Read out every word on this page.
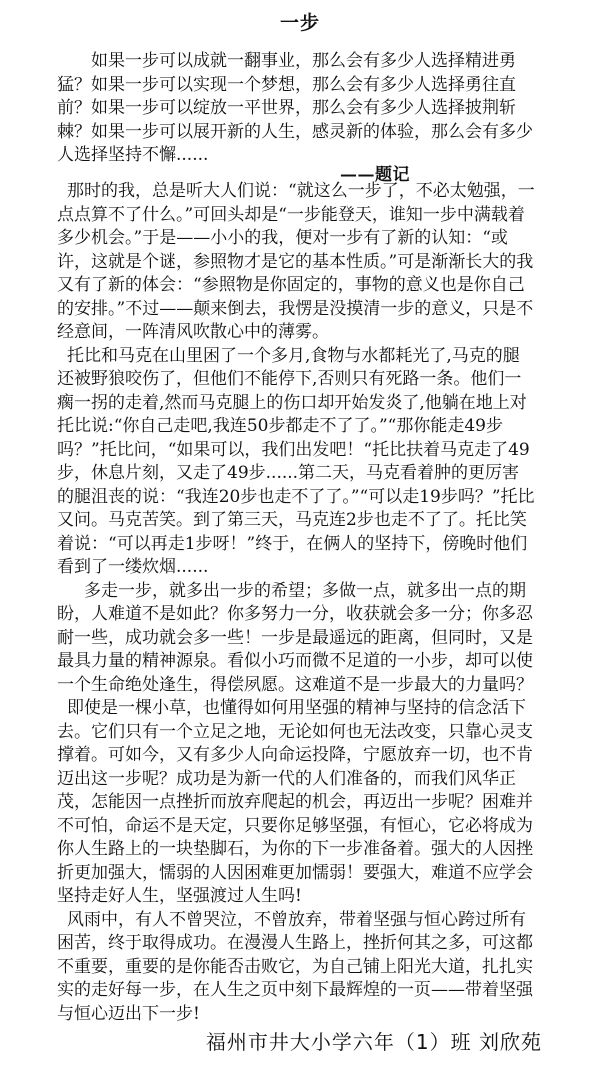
一步

如果一步可以成就一翻事业，那么会有多少人选择精进勇猛？如果一步可以实现一个梦想，那么会有多少人选择勇往直前？如果一步可以绽放一平世界，那么会有多少人选择披荆斩棘？如果一步可以展开新的人生，感灵新的体验，那么会有多少人选择坚持不懈......

——题记

那时的我，总是听大人们说：“就这么一步了，不必太勉强，一点点算不了什么。”可回头却是“一步能登天，谁知一步中满载着多少机会。”于是——小小的我，便对一步有了新的认知：“或许，这就是个谜，参照物才是它的基本性质。”可是渐渐长大的我又有了新的体会：“参照物是你固定的，事物的意义也是你自己的安排。”不过——颠来倒去，我愣是没摸清一步的意义，只是不经意间，一阵清风吹散心中的薄雾。

托比和马克在山里困了一个多月,食物与水都耗光了,马克的腿还被野狼咬伤了，但他们不能停下,否则只有死路一条。他们一瘸一拐的走着,然而马克腿上的伤口却开始发炎了,他躺在地上对托比说:“你自己走吧,我连50步都走不了了。”“那你能走49步吗？”托比问，“如果可以，我们出发吧！“托比扶着马克走了49步，休息片刻，又走了49步......第二天，马克看着肿的更厉害的腿沮丧的说：“我连20步也走不了了。”“可以走19步吗？”托比又问。马克苦笑。到了第三天，马克连2步也走不了了。托比笑着说：“可以再走1步呀！”终于，在俩人的坚持下，傍晚时他们看到了一缕炊烟......

多走一步，就多出一步的希望；多做一点，就多出一点的期盼，人难道不是如此？你多努力一分，收获就会多一分；你多忍耐一些，成功就会多一些！一步是最遥远的距离，但同时，又是最具力量的精神源泉。看似小巧而微不足道的一小步，却可以使一个生命绝处逢生，得偿夙愿。这难道不是一步最大的力量吗？

即使是一棵小草，也懂得如何用坚强的精神与坚持的信念活下去。它们只有一个立足之地，无论如何也无法改变，只靠心灵支撑着。可如今，又有多少人向命运投降，宁愿放弃一切，也不肯迈出这一步呢？成功是为新一代的人们准备的，而我们风华正茂，怎能因一点挫折而放弃爬起的机会，再迈出一步呢？困难并不可怕，命运不是天定，只要你足够坚强，有恒心，它必将成为你人生路上的一块垫脚石，为你的下一步准备着。强大的人因挫折更加强大，懦弱的人因困难更加懦弱！要强大，难道不应学会坚持走好人生，坚强渡过人生吗!

风雨中，有人不曾哭泣，不曾放弃，带着坚强与恒心跨过所有困苦，终于取得成功。在漫漫人生路上，挫折何其之多，可这都不重要，重要的是你能否击败它，为自己铺上阳光大道，扎扎实实的走好每一步，在人生之页中刻下最辉煌的一页——带着坚强与恒心迈出下一步!

福州市井大小学六年（1）班 刘欣苑
